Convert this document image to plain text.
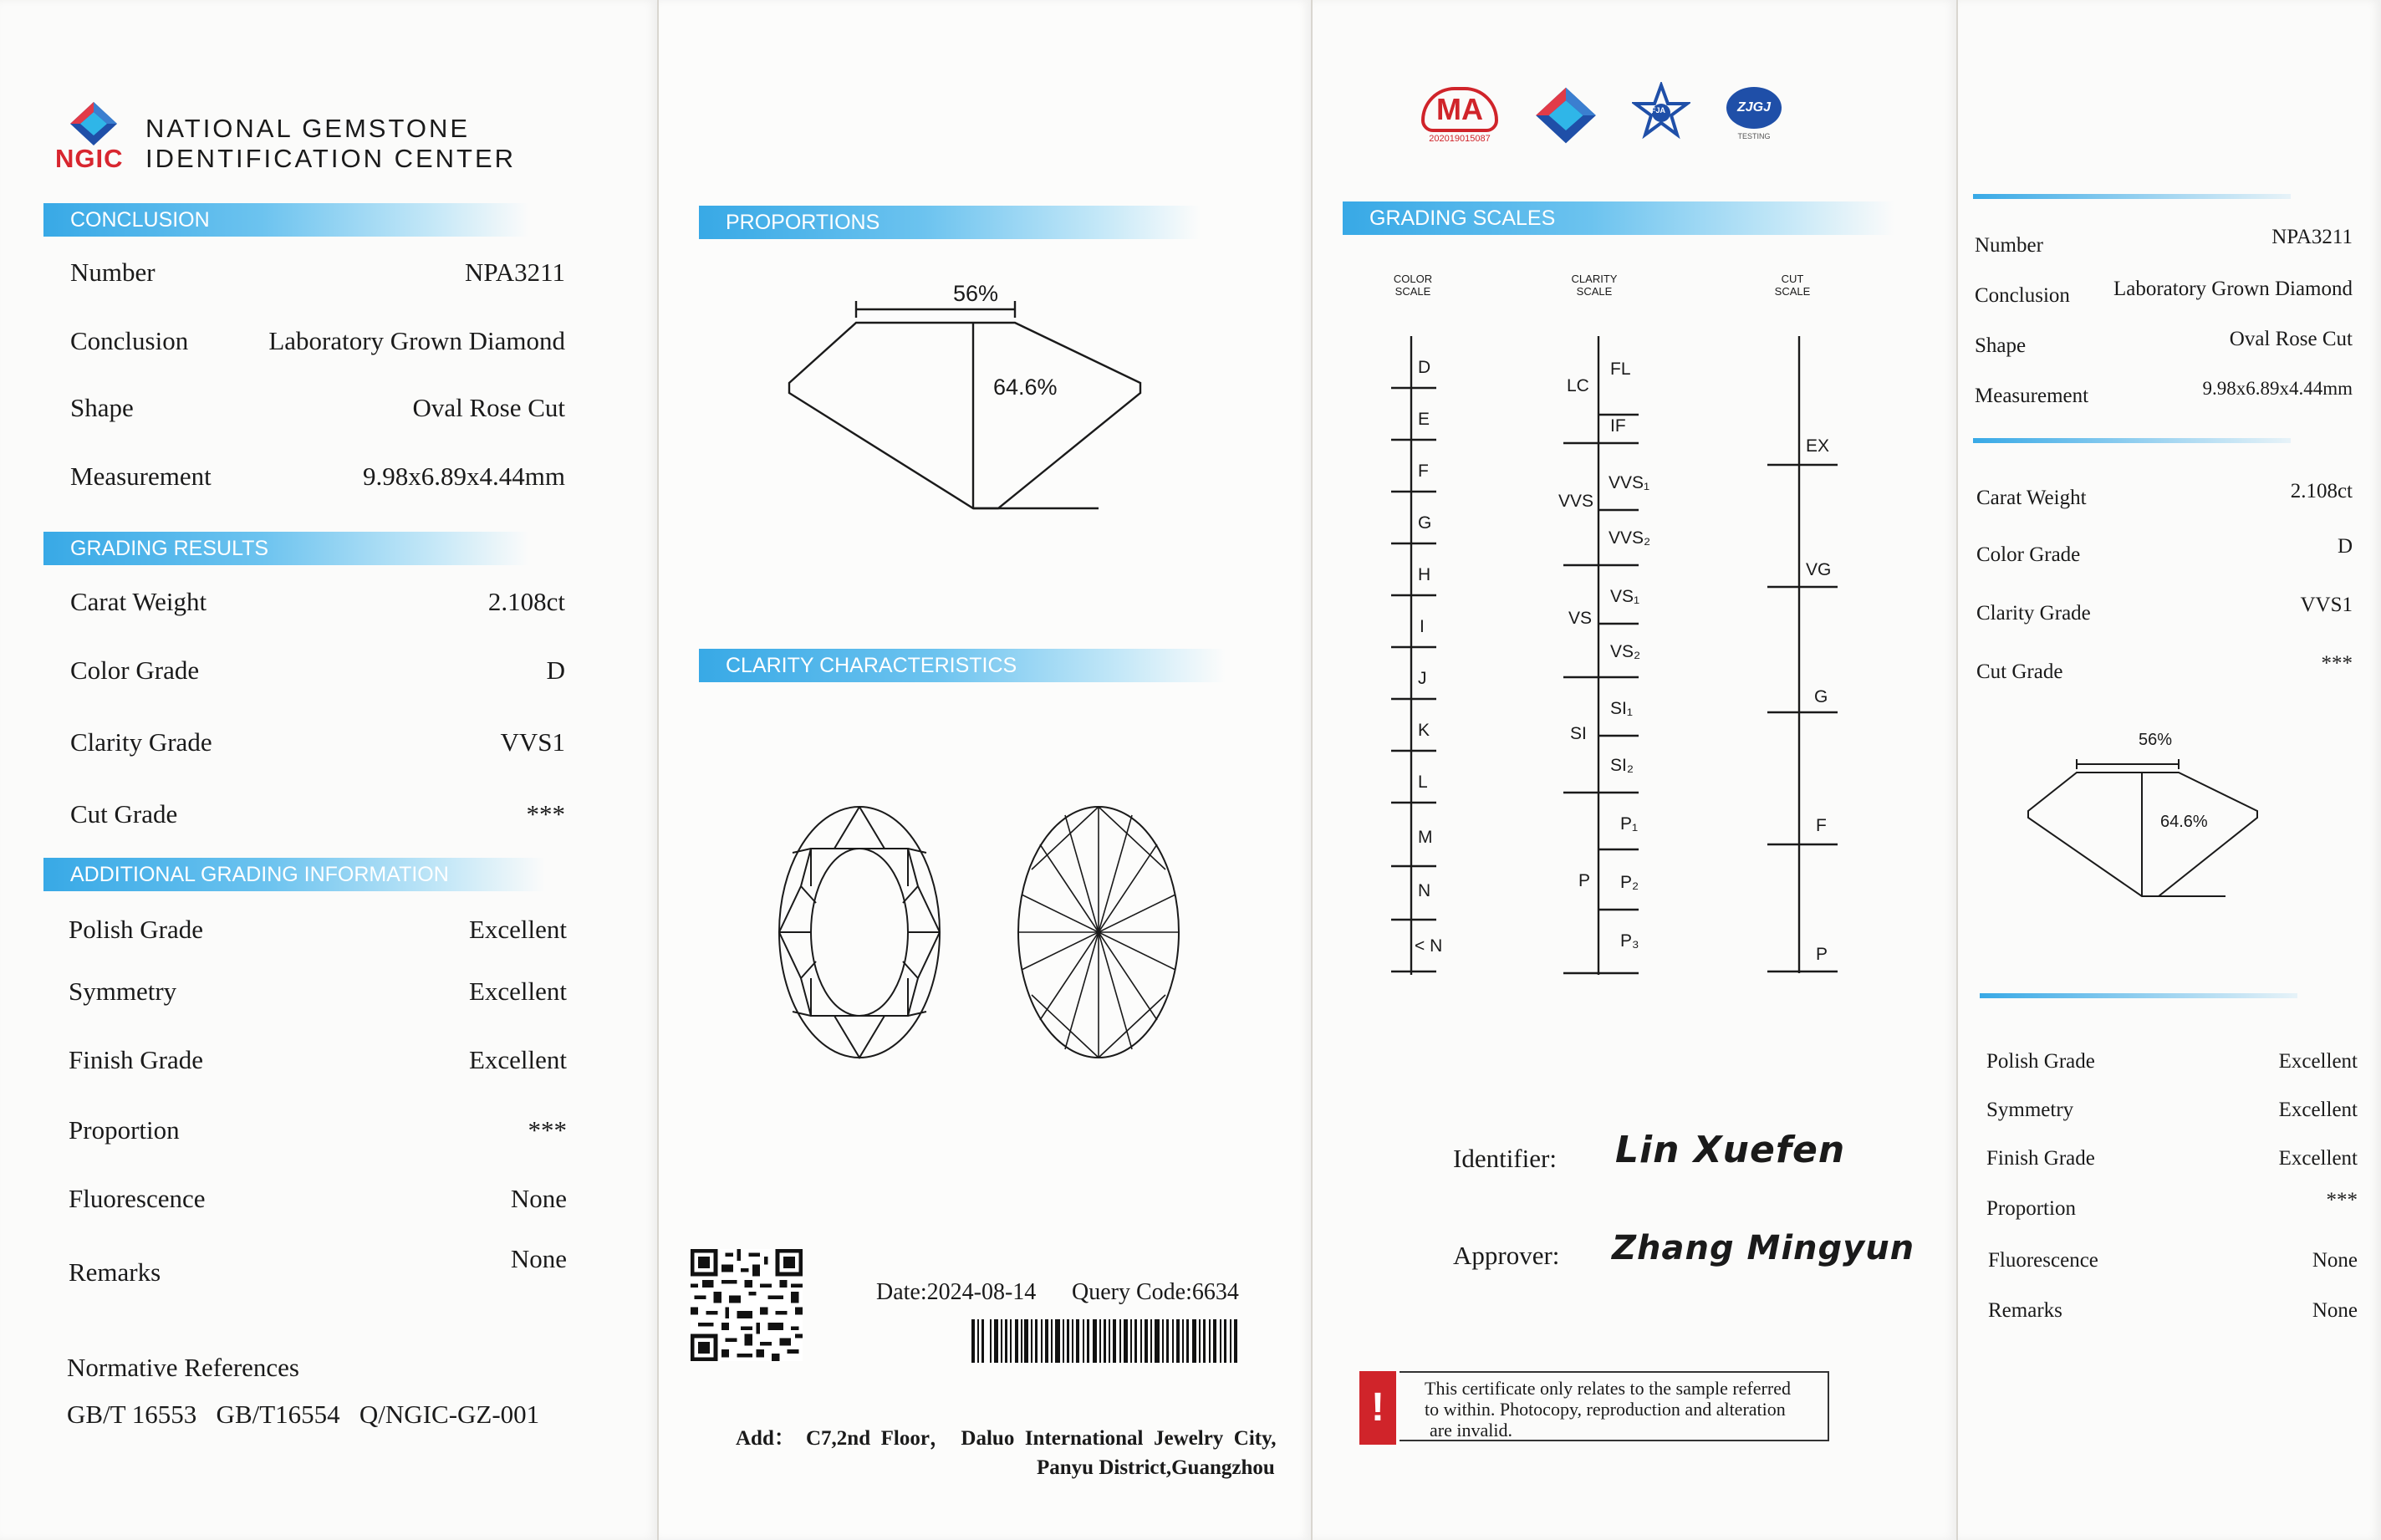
NGIC
NATIONAL GEMSTONE
IDENTIFICATION CENTER
CONCLUSION
Number	NPA3211
Conclusion	Laboratory Grown Diamond
Shape	Oval Rose Cut
Measurement	9.98x6.89x4.44mm
GRADING RESULTS
Carat Weight	2.108ct
Color Grade	D
Clarity Grade	VVS1
Cut Grade	***
ADDITIONAL GRADING INFORMATION
Polish Grade	Excellent
Symmetry	Excellent
Finish Grade	Excellent
Proportion	***
Fluorescence	None
Remarks	None
Normative References
GB/T 16553   GB/T16554   Q/NGIC-GZ-001
PROPORTIONS
56%
64.6%
CLARITY CHARACTERISTICS
Date:2024-08-14 Query Code:6634
Add： C7,2nd  Floor，  Daluo  International  Jewelry  City,
Panyu District,Guangzhou
MA
202019015087
FJA	ZJGJ
TESTING
GRADING SCALES
COLOR
SCALE
CLARITY
SCALE
CUT
SCALE
D
E
F
G
H
I
J
K
L
M
N
< N
FL
IF
VVS₁
VVS₂
VS₁
VS₂
SI₁
SI₂
P₁
P₂
P₃
LC
VVS
VS
SI
P
EX
VG
G
F
P
Identifier: Lin Xuefen
Approver: Zhang Mingyun
!	This certificate only relates to the sample referred
to within. Photocopy, reproduction and alteration
are invalid.
Number	NPA3211
Conclusion Laboratory Grown Diamond
Shape	Oval Rose Cut
Measurement	9.98x6.89x4.44mm
Carat Weight	2.108ct
Color Grade	D
Clarity Grade	VVS1
Cut Grade	***
56%
64.6%
Polish Grade	Excellent
Symmetry	Excellent
Finish Grade	Excellent
Proportion	***
Fluorescence	None
Remarks	None
